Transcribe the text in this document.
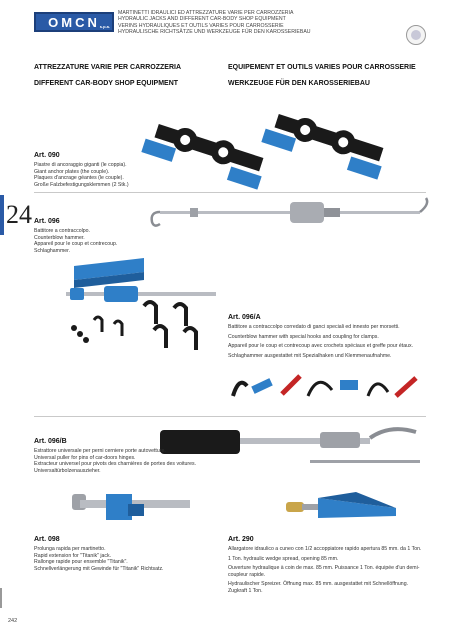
OMCN s.p.a.
MARTINETTI IDRAULICI ED ATTREZZATURE VARIE PER CARROZZERIA
HYDRAULIC JACKS AND DIFFERENT CAR-BODY SHOP EQUIPMENT
VERINS HYDRAULIQUES ET OUTILS VARIES POUR CARROSSERIE
HYDRAULISCHE RICHTSÄTZE UND WERKZEUGE FÜR DEN KAROSSERIEBAU
ATTREZZATURE VARIE PER CARROZZERIA
DIFFERENT CAR-BODY SHOP EQUIPMENT
EQUIPEMENT ET OUTILS VARIES POUR CARROSSERIE
WERKZEUGE FÜR DEN KAROSSERIEBAU
24
Art. 090
Piastre di ancoraggio giganti (le coppia).
Giant anchor plates (the couple).
Plaques d'ancrage géantes (le couple).
Große Falzbefestigungsklemmen (2 Stk.)
Art. 096
Battitore a contraccolpo.
Counterblow hammer.
Appareil pour le coup et contrecoup.
Schlaghammer.
Art. 096/A
Battitore a contraccolpo corredato di ganci speciali ed innesto per morsetti.
Counterblow hammer with special hooks and coupling for clamps.
Appareil pour le coup et contrecoup avec crochets spéciaux et greffe pour étaux.
Schlaghammer ausgestattet mit Spezialhaken und Klemmenaufnahme.
Art. 096/B
Estrattore universale per perni cerniere porte autovetture.
Universal puller for pins of car-doors hinges.
Extracteur universel pour pivots des charnières de portes des voitures.
Universaltürbolzenauszieher.
Art. 098
Prolunga rapida per martinetto.
Rapid extension for "Titanik" jack.
Rallonge rapide pour ensemble "Titanik".
Schnellverlängerung mit Gewinde für "Titanik" Richtsatz.
Art. 290
Allargatore idraulico a cuneo con 1/2 accoppiatore rapido apertura 85 mm. da 1 Ton.
1 Ton. hydraulic wedge spread, opening 85 mm.
Ouverture hydraulique à coin de max. 85 mm. Puissance 1 Ton. équipée d'un demi-coupleur rapide.
Hydraulischer Spreizer. Öffnung max. 85 mm. ausgestattet mit Schnellöffnung. Zugkraft 1 Ton.
242
